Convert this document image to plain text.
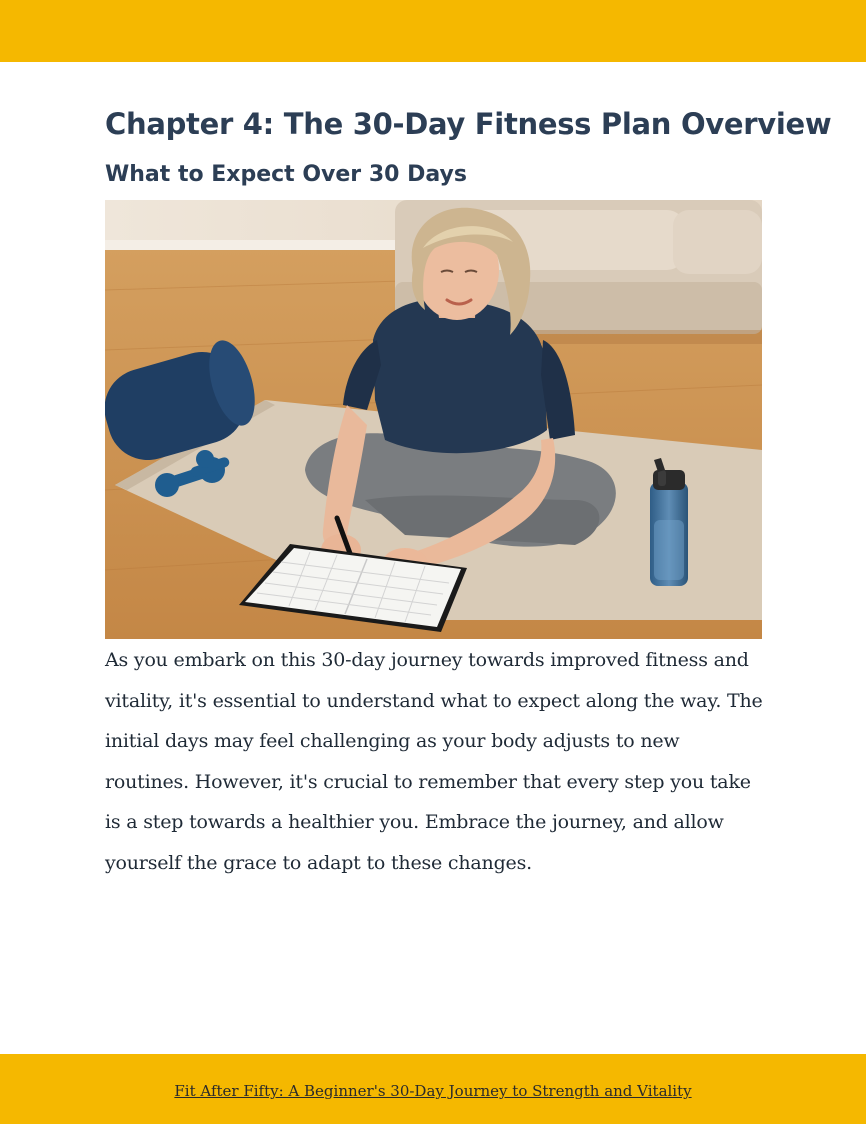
Chapter 4: The 30-Day Fitness Plan Overview
What to Expect Over 30 Days

As you embark on this 30-day journey towards improved fitness and vitality, it's essential to understand what to expect along the way. The initial days may feel challenging as your body adjusts to new routines. However, it's crucial to remember that every step you take is a step towards a healthier you. Embrace the journey, and allow yourself the grace to adapt to these changes.

Fit After Fifty: A Beginner's 30-Day Journey to Strength and Vitality
